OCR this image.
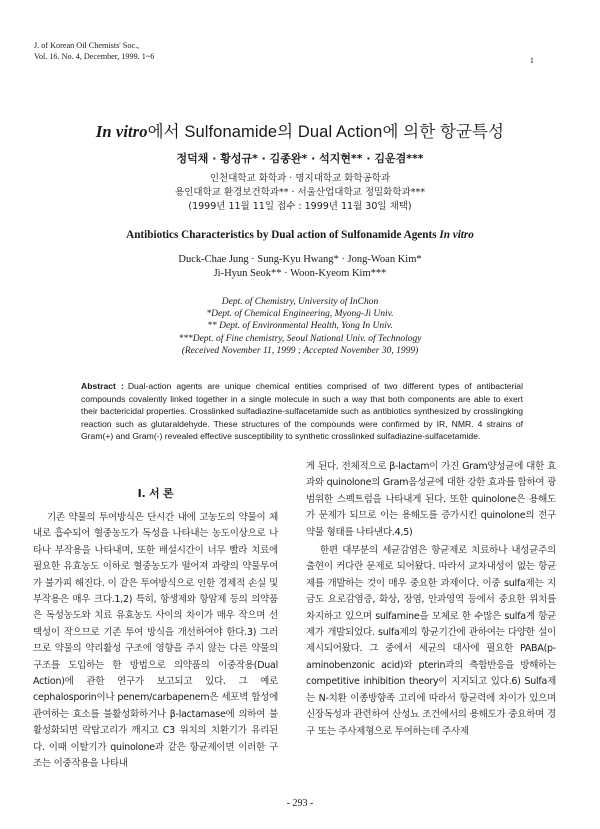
J. of Korean Oil Chemists' Soc.,
Vol. 16. No. 4, December, 1999. 1~6	1
In vitro에서 Sulfonamide의 Dual Action에 의한 항균특성
정덕채 · 황성규* · 김종완* · 석지현** · 김운겸***
인천대학교 화학과 · 명지대학교 화학공학과
용인대학교 환경보건학과** · 서울산업대학교 정밀화학과***
(1999년 11월 11일 접수 : 1999년 11월 30일 채택)
Antibiotics Characteristics by Dual action of Sulfonamide Agents In vitro
Duck-Chae Jung · Sung-Kyu Hwang* · Jong-Woan Kim*
Ji-Hyun Seok** · Woon-Kyeom Kim***
Dept. of Chemistry, University of InChon
*Dept. of Chemical Engineering, Myong-Ji Univ.
** Dept. of Environmental Health, Yong In Univ.
***Dept. of Fine chemistry, Seoul National Univ. of Technology
(Received November 11, 1999 ; Accepted November 30, 1999)
Abstract : Dual-action agents are unique chemical entities comprised of two different types of antibacterial compounds covalently linked together in a single molecule in such a way that both components are able to exert their bactericidal properties. Crosslinked sulfadiazine-sulfacetamide such as antibiotics synthesized by crosslingking reaction such as glutaraldehyde. These structures of the compounds were confirmed by IR, NMR. 4 strains of Gram(+) and Gram(-) revealed effective susceptibility to synthetic crosslinked sulfadiazine-sulfacetamide.
I. 서 론

기존 약물의 투여방식은 단시간 내에 고농도의 약물이 체내로 흡수되어 혈중농도가 독성을 나타내는 농도이상으로 나타나 부작용을 나타내며, 또한 배설시간이 너무 빨라 치료에 필요한 유효농도 이하로 혈중농도가 떨어져 과량의 약물투여가 불가피 해진다. 이 같은 투여방식으로 인한 경제적 손실 및 부작용은 매우 크다.1,2) 특히, 항생제와 항암제 등의 의약품은 독성농도와 치료 유효농도 사이의 차이가 매우 작으며 선택성이 작으므로 기존 투여 방식을 개선하여야 한다.3) 그러므로 약물의 약리활성 구조에 영향을 주지 않는 다른 약물의 구조를 도입하는 한 방법으로 의약품의 이중작용(Dual Action)에 관한 연구가 보고되고 있다. 그 예로 cephalosporin이나 penem/carbapenem은 세포벽 합성에 관여하는 효소를 불활성화하거나 β-lactamase에 의하여 불활성화되면 락탐고리가 깨지고 C3 위치의 치환기가 유리된다. 이때 이탈기가 quinolone과 같은 항균제이면 이러한 구조는 이중작용을 나타내

게 된다. 전체적으로 β-lactam이 가진 Gram양성균에 대한 효과와 quinolone의 Gram음성균에 대한 강한 효과를 합하여 광범위한 스펙트럼을 나타내게 된다. 또한 quinolone은 용해도가 문제가 되므로 이는 용해도를 증가시킨 quinolone의 전구약물 형태를 나타낸다.4,5)

한편 대부분의 세균감염은 항균제로 치료하나 내성균주의 출현이 커다란 문제로 되어왔다. 따라서 교차내성이 없는 항균제를 개발하는 것이 매우 중요한 과제이다. 이중 sulfa제는 지금도 요로감염증, 화상, 장염, 안과영역 등에서 중요한 위치를 차지하고 있으며 sulfamine을 모체로 한 수많은 sulfa계 항균제가 개발되었다. sulfa제의 항균기간에 관하여는 다양한 설이 제시되어왔다. 그 중에서 세균의 대사에 필요한 PABA(p-aminobenzonic acid)와 pterin과의 축합반응을 방해하는 competitive inhibition theory이 지지되고 있다.6) Sulfa제는 N-치환 이종방향족 고리에 따라서 항균력에 차이가 있으며 신장독성과 관련하여 산성뇨 조건에서의 용해도가 중요하며 경구 또는 주사제형으로 투여하는데 주사제

- 293 -
